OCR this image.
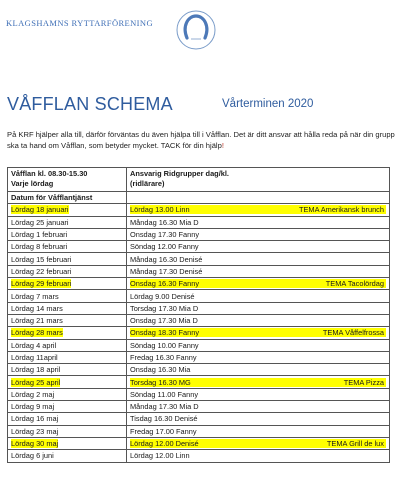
KLAGSHAMNS RYTTARFÖRENING
VÅFFLAN SCHEMA	Vårterminen 2020
På KRF hjälper alla till, därför förväntas du även hjälpa till i Våfflan. Det är ditt ansvar att hålla reda på när din grupp ska ta hand om Våfflan, som betyder mycket. TACK för din hjälp!
Våfflan kl. 08.30-15.30
Varje lördag	Ansvarig Ridgrupper dag/kl.
(ridlärare)
Datum för Våfflantjänst	
Lördag 18 januari	Lördag 13.00 Linn TEMA Amerikansk brunch

Lördag 25 januari	Måndag 16.30 Mia D

Lördag 1 februari	Onsdag 17.30 Fanny

Lördag 8 februari	Söndag 12.00 Fanny

Lördag 15 februari	Måndag 16.30 Denisé

Lördag 22 februari	Måndag 17.30 Denisé

Lördag 29 februari	Onsdag 16.30 Fanny TEMA Tacolördag

Lördag 7 mars	Lördag 9.00 Denisé

Lördag 14 mars	Torsdag 17.30 Mia D

Lördag 21 mars	Onsdag 17.30 Mia D

Lördag 28 mars	Onsdag 18.30 Fanny TEMA Våffelfrossa

Lördag 4 april	Söndag 10.00 Fanny

Lördag 11april	Fredag 16.30 Fanny

Lördag 18 april	Onsdag 16.30 Mia

Lördag 25 april	Torsdag 16.30 MG TEMA Pizza

Lördag 2 maj	Söndag 11.00 Fanny

Lördag 9 maj	Måndag 17.30 Mia D

Lördag 16 maj	Tisdag 16.30 Denisé

Lördag 23 maj	Fredag 17.00 Fanny

Lördag 30 maj	Lördag 12.00 Denisé TEMA Grill de lux

Lördag 6 juni	Lördag 12.00 Linn
